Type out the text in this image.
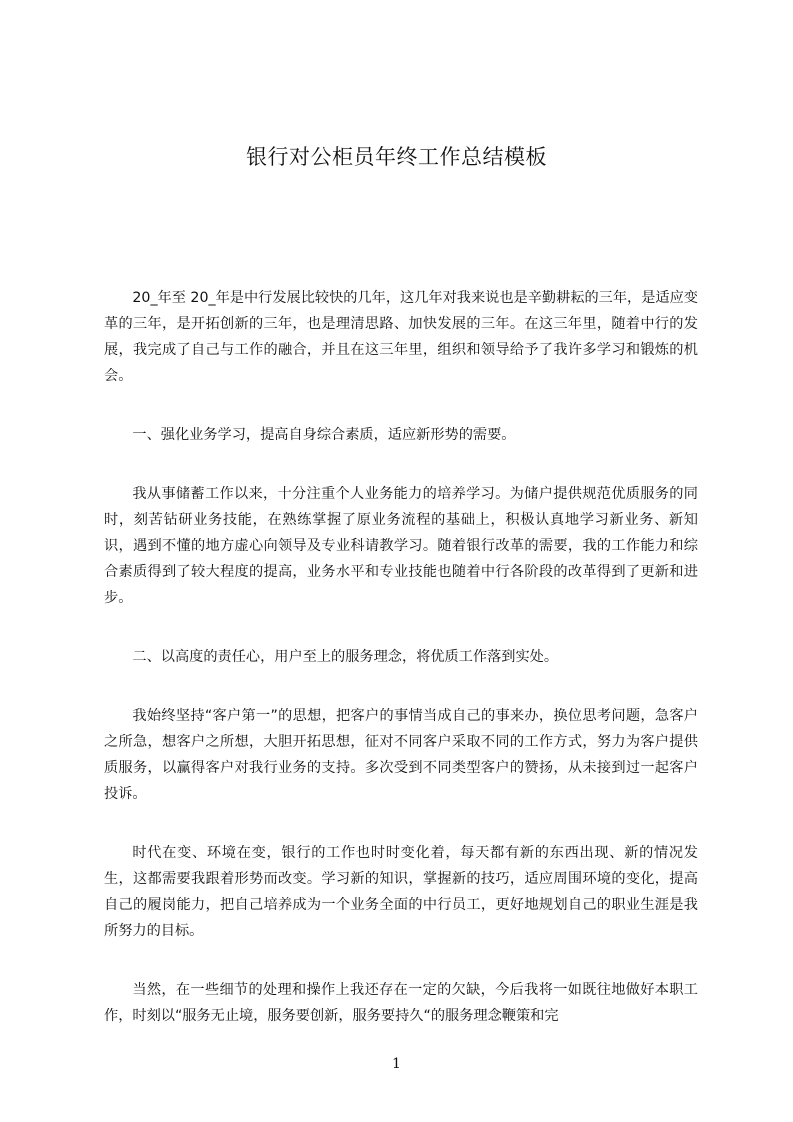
银行对公柜员年终工作总结模板

20_年至 20_年是中行发展比较快的几年，这几年对我来说也是辛勤耕耘的三年，是适应变革的三年，是开拓创新的三年，也是理清思路、加快发展的三年。在这三年里，随着中行的发展，我完成了自己与工作的融合，并且在这三年里，组织和领导给予了我许多学习和锻炼的机会。

一、强化业务学习，提高自身综合素质，适应新形势的需要。

我从事储蓄工作以来，十分注重个人业务能力的培养学习。为储户提供规范优质服务的同时，刻苦钻研业务技能，在熟练掌握了原业务流程的基础上，积极认真地学习新业务、新知识，遇到不懂的地方虚心向领导及专业科请教学习。随着银行改革的需要，我的工作能力和综合素质得到了较大程度的提高，业务水平和专业技能也随着中行各阶段的改革得到了更新和进步。

二、以高度的责任心，用户至上的服务理念，将优质工作落到实处。

我始终坚持“客户第一”的思想，把客户的事情当成自己的事来办，换位思考问题，急客户之所急，想客户之所想，大胆开拓思想，征对不同客户采取不同的工作方式，努力为客户提供质服务，以赢得客户对我行业务的支持。多次受到不同类型客户的赞扬，从未接到过一起客户投诉。

时代在变、环境在变，银行的工作也时时变化着，每天都有新的东西出现、新的情况发生，这都需要我跟着形势而改变。学习新的知识，掌握新的技巧，适应周围环境的变化，提高自己的履岗能力，把自己培养成为一个业务全面的中行员工，更好地规划自己的职业生涯是我所努力的目标。

当然，在一些细节的处理和操作上我还存在一定的欠缺，今后我将一如既往地做好本职工作，时刻以“服务无止境，服务要创新，服务要持久“的服务理念鞭策和完

1
